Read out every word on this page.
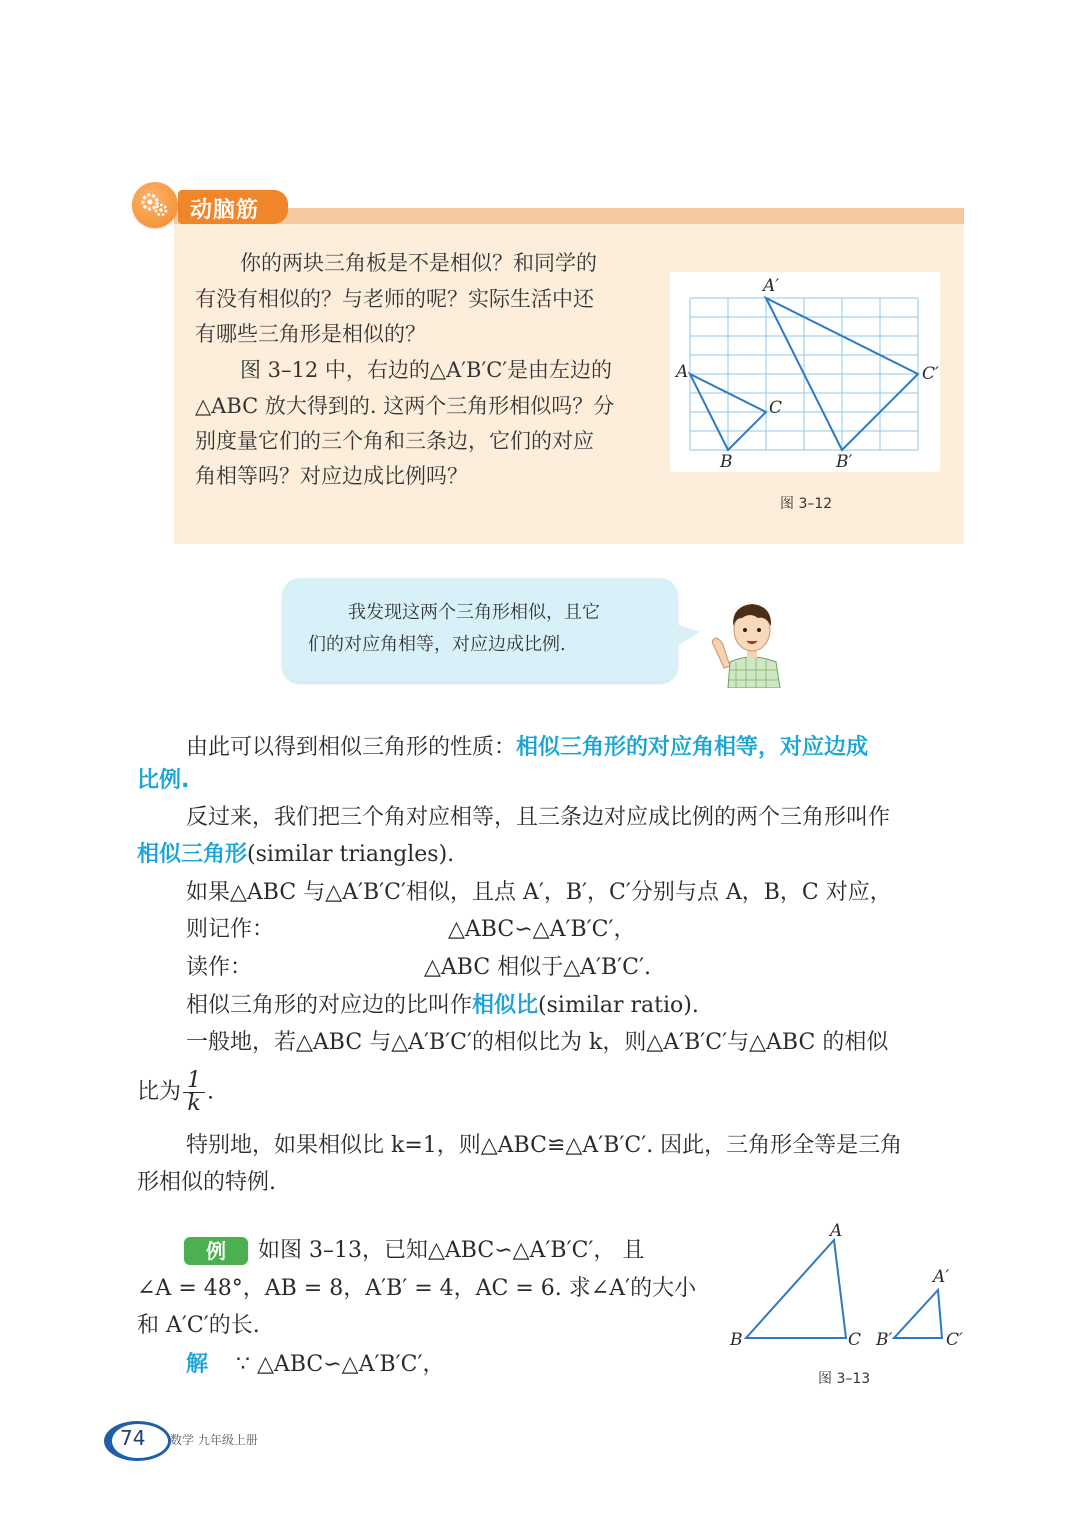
动脑筋
你的两块三角板是不是相似？和同学的
有没有相似的？与老师的呢？实际生活中还
有哪些三角形是相似的？
图 3–12 中，右边的△A′B′C′是由左边的
△ABC 放大得到的. 这两个三角形相似吗？分
别度量它们的三个角和三条边，它们的对应
角相等吗？对应边成比例吗？
A
B
C
A′
B′
C′
图 3–12
我发现这两个三角形相似，且它
们的对应角相等，对应边成比例.
由此可以得到相似三角形的性质：相似三角形的对应角相等，对应边成
比例.
反过来，我们把三个角对应相等，且三条边对应成比例的两个三角形叫作
相似三角形(similar triangles).
如果△ABC 与△A′B′C′相似，且点 A′，B′，C′分别与点 A，B，C 对应，
则记作：	△ABC∽△A′B′C′，
读作：	△ABC 相似于△A′B′C′.
相似三角形的对应边的比叫作相似比(similar ratio).
一般地，若△ABC 与△A′B′C′的相似比为 k，则△A′B′C′与△ABC 的相似
比为 $\frac{1}{k}$ .
特别地，如果相似比 k=1，则△ABC≌△A′B′C′. 因此，三角形全等是三角
形相似的特例.
例	如图 3–13，已知△ABC∽△A′B′C′， 且
∠A = 48°，AB = 8，A′B′ = 4，AC = 6. 求∠A′的大小
和 A′C′的长.
解 ∵ △ABC∽△A′B′C′，
A
B	C
A′
B′	C′
图 3–13
74 数学 九年级上册
